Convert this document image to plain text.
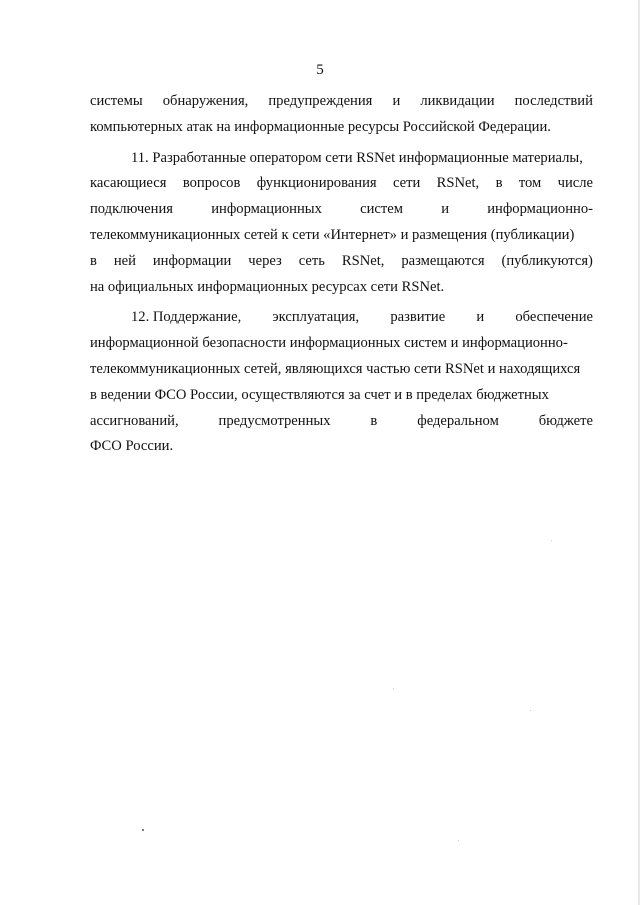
5
системы обнаружения, предупреждения и ликвидации последствий
компьютерных атак на информационные ресурсы Российской Федерации.
11. Разработанные оператором сети RSNet информационные материалы,
касающиеся вопросов функционирования сети RSNet, в том числе
подключения	информационных	систем	и	информационно-
телекоммуникационных сетей к сети «Интернет» и размещения (публикации)
в ней информации через сеть RSNet, размещаются (публикуются)
на официальных информационных ресурсах сети RSNet.
12. Поддержание, эксплуатация, развитие и обеспечение
информационной безопасности информационных систем и информационно-
телекоммуникационных сетей, являющихся частью сети RSNet и находящихся
в ведении ФСО России, осуществляются за счет и в пределах бюджетных
ассигнований,	предусмотренных	в	федеральном	бюджете
ФСО России.
